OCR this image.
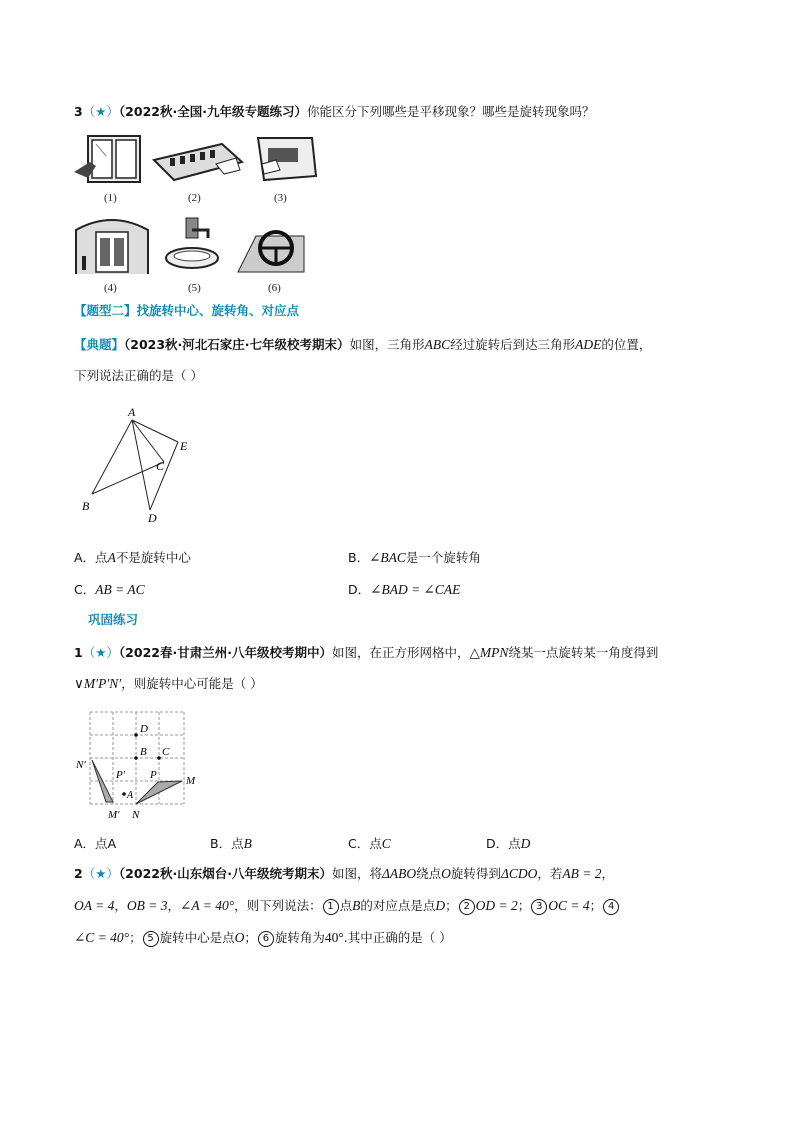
3（★）（2022秋·全国·九年级专题练习）你能区分下列哪些是平移现象？哪些是旋转现象吗？
(1)	(2)	(3)
(4)	(5)	(6)
【题型二】找旋转中心、旋转角、对应点
【典题】（2023秋·河北石家庄·七年级校考期末）如图，三角形ABC经过旋转后到达三角形ADE的位置，
下列说法正确的是（ ）
A
B
C
D
E
A．点A不是旋转中心	B．∠BAC是一个旋转角
C．AB = AC	D．∠BAD = ∠CAE
巩固练习
1（★）（2022春·甘肃兰州·八年级校考期中）如图，在正方形网格中，△MPN绕某一点旋转某一角度得到
∨M′P′N′，则旋转中心可能是（ ）
D
B C
N′
P′ P	M
A
M′ N
A．点A	B．点B	C．点C	D．点D
2（★）（2022秋·山东烟台·八年级统考期末）如图，将ΔABO绕点O旋转得到ΔCDO，若AB = 2，
OA = 4，OB = 3，∠A = 40°，则下列说法： 1 点B的对应点是点D； 2 OD = 2； 3 OC = 4； 4
∠C = 40°； 5 旋转中心是点O； 6 旋转角为40°.其中正确的是（ ）
